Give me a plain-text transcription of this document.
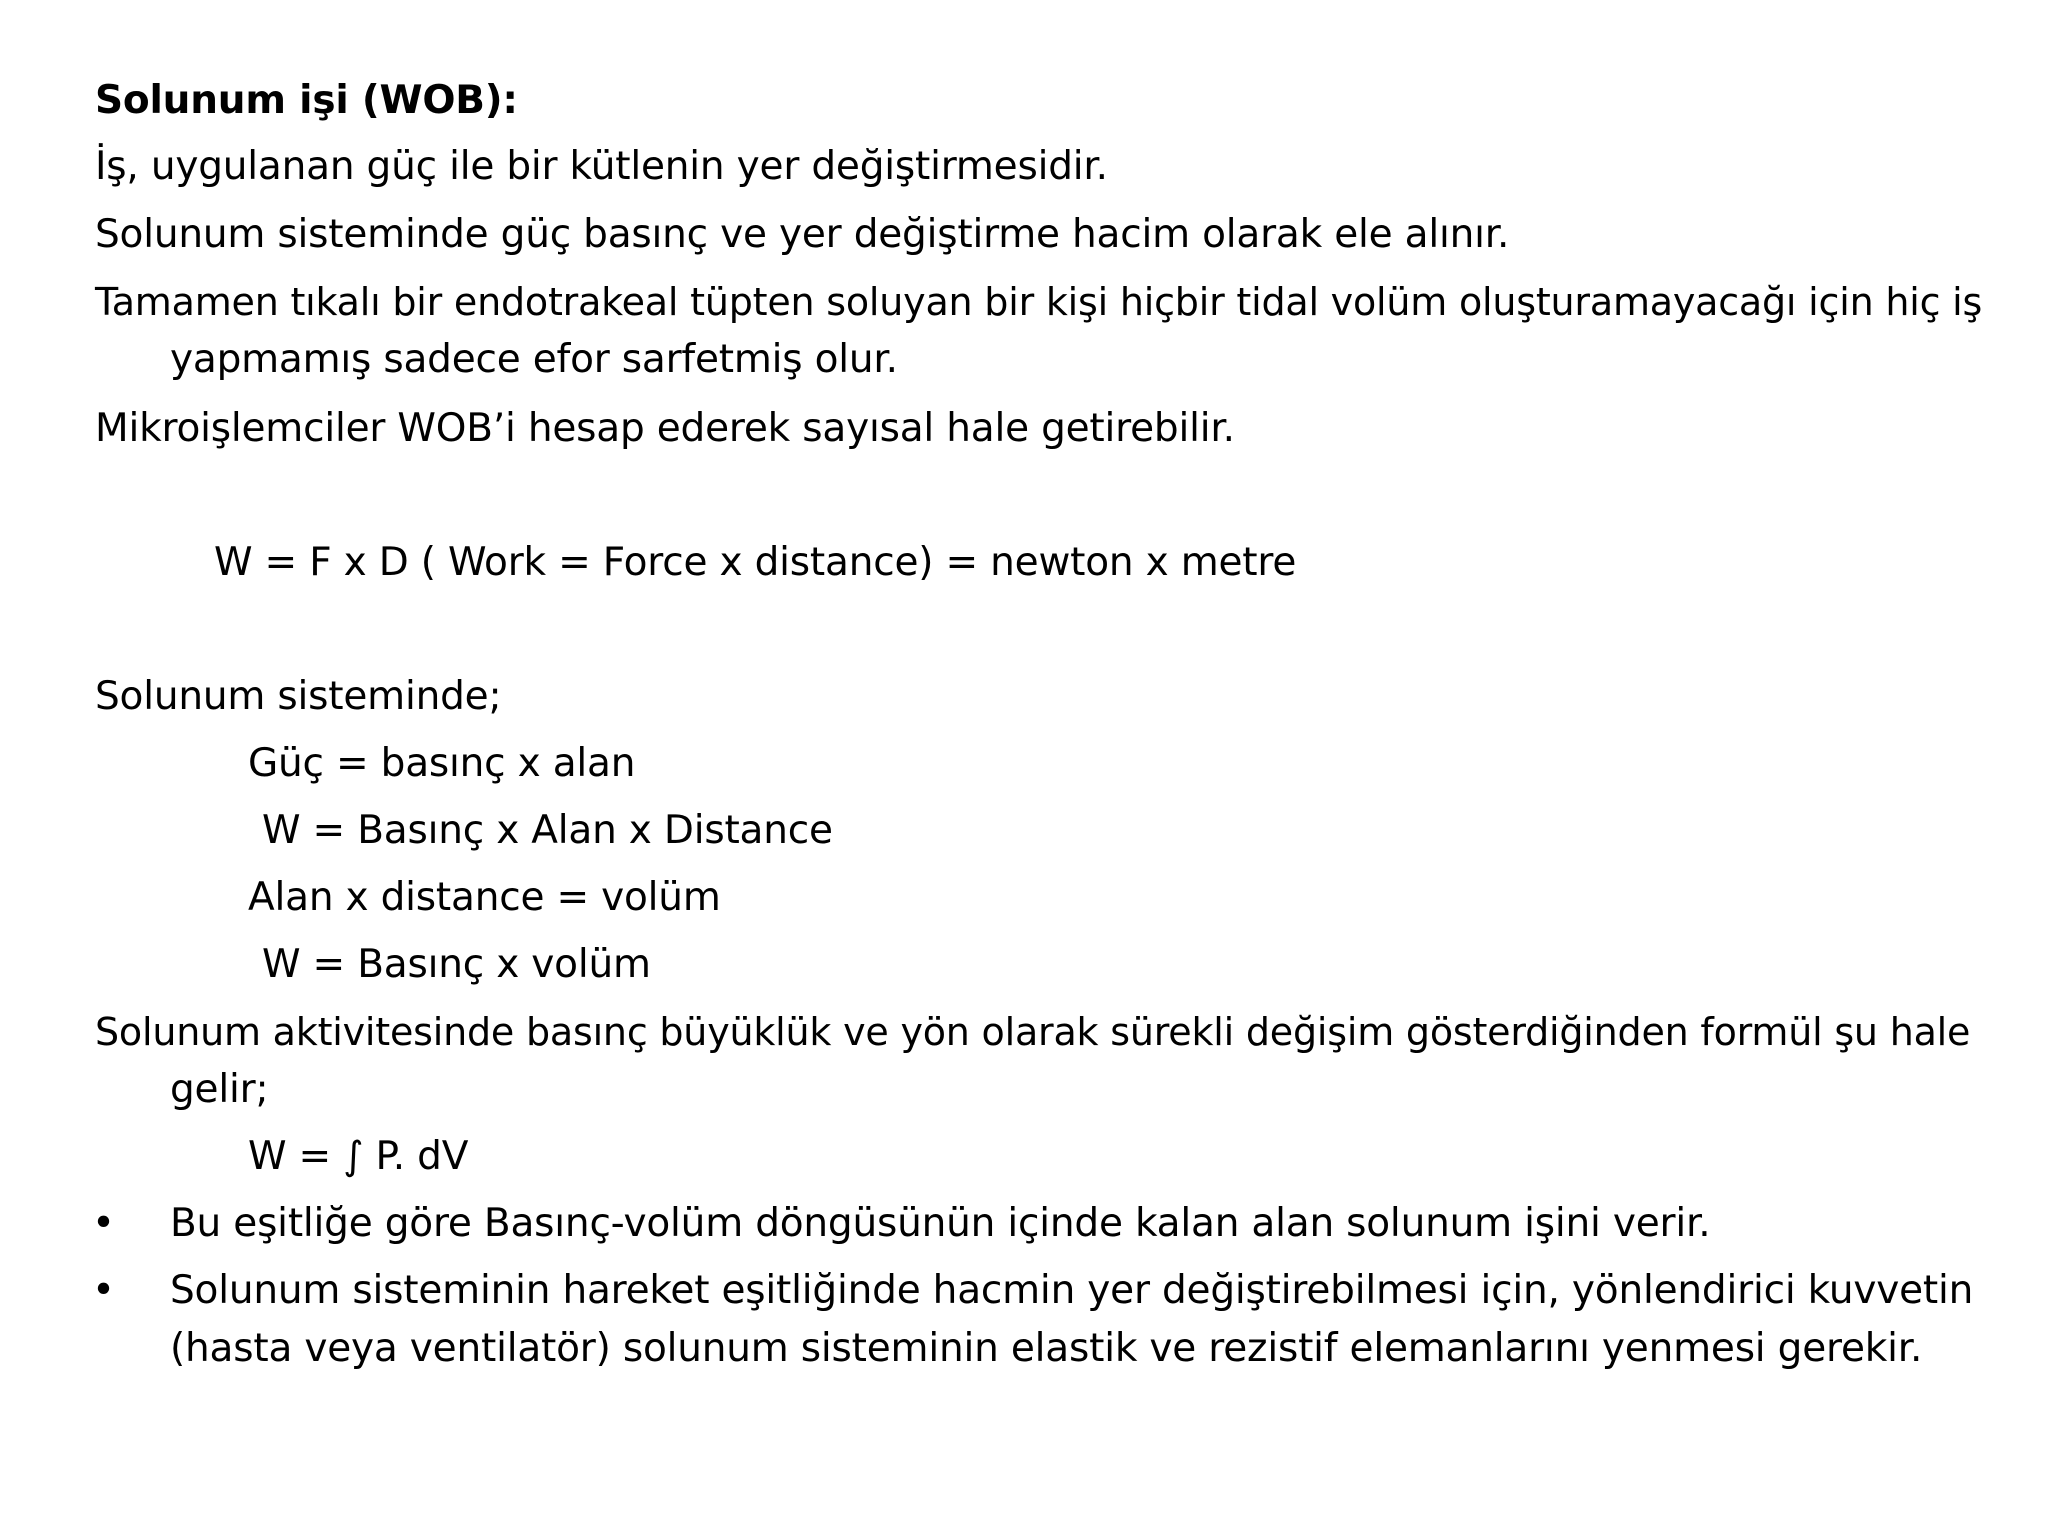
Solunum işi (WOB):
İş, uygulanan güç ile bir kütlenin yer değiştirmesidir.
Solunum sisteminde güç basınç ve yer değiştirme hacim olarak ele alınır.
Tamamen tıkalı bir endotrakeal tüpten soluyan bir kişi hiçbir tidal volüm oluşturamayacağı için hiç iş
yapmamış sadece efor sarfetmiş olur.
Mikroişlemciler WOB’i hesap ederek sayısal hale getirebilir.
W = F x D ( Work = Force x distance) = newton x metre
Solunum sisteminde;
Güç = basınç x alan
W = Basınç x Alan x Distance
Alan x distance = volüm
W = Basınç x volüm
Solunum aktivitesinde basınç büyüklük ve yön olarak sürekli değişim gösterdiğinden formül şu hale
gelir;
W = ∫ P. dV
• Bu eşitliğe göre Basınç-volüm döngüsünün içinde kalan alan solunum işini verir.
• Solunum sisteminin hareket eşitliğinde hacmin yer değiştirebilmesi için, yönlendirici kuvvetin
(hasta veya ventilatör) solunum sisteminin elastik ve rezistif elemanlarını yenmesi gerekir.
